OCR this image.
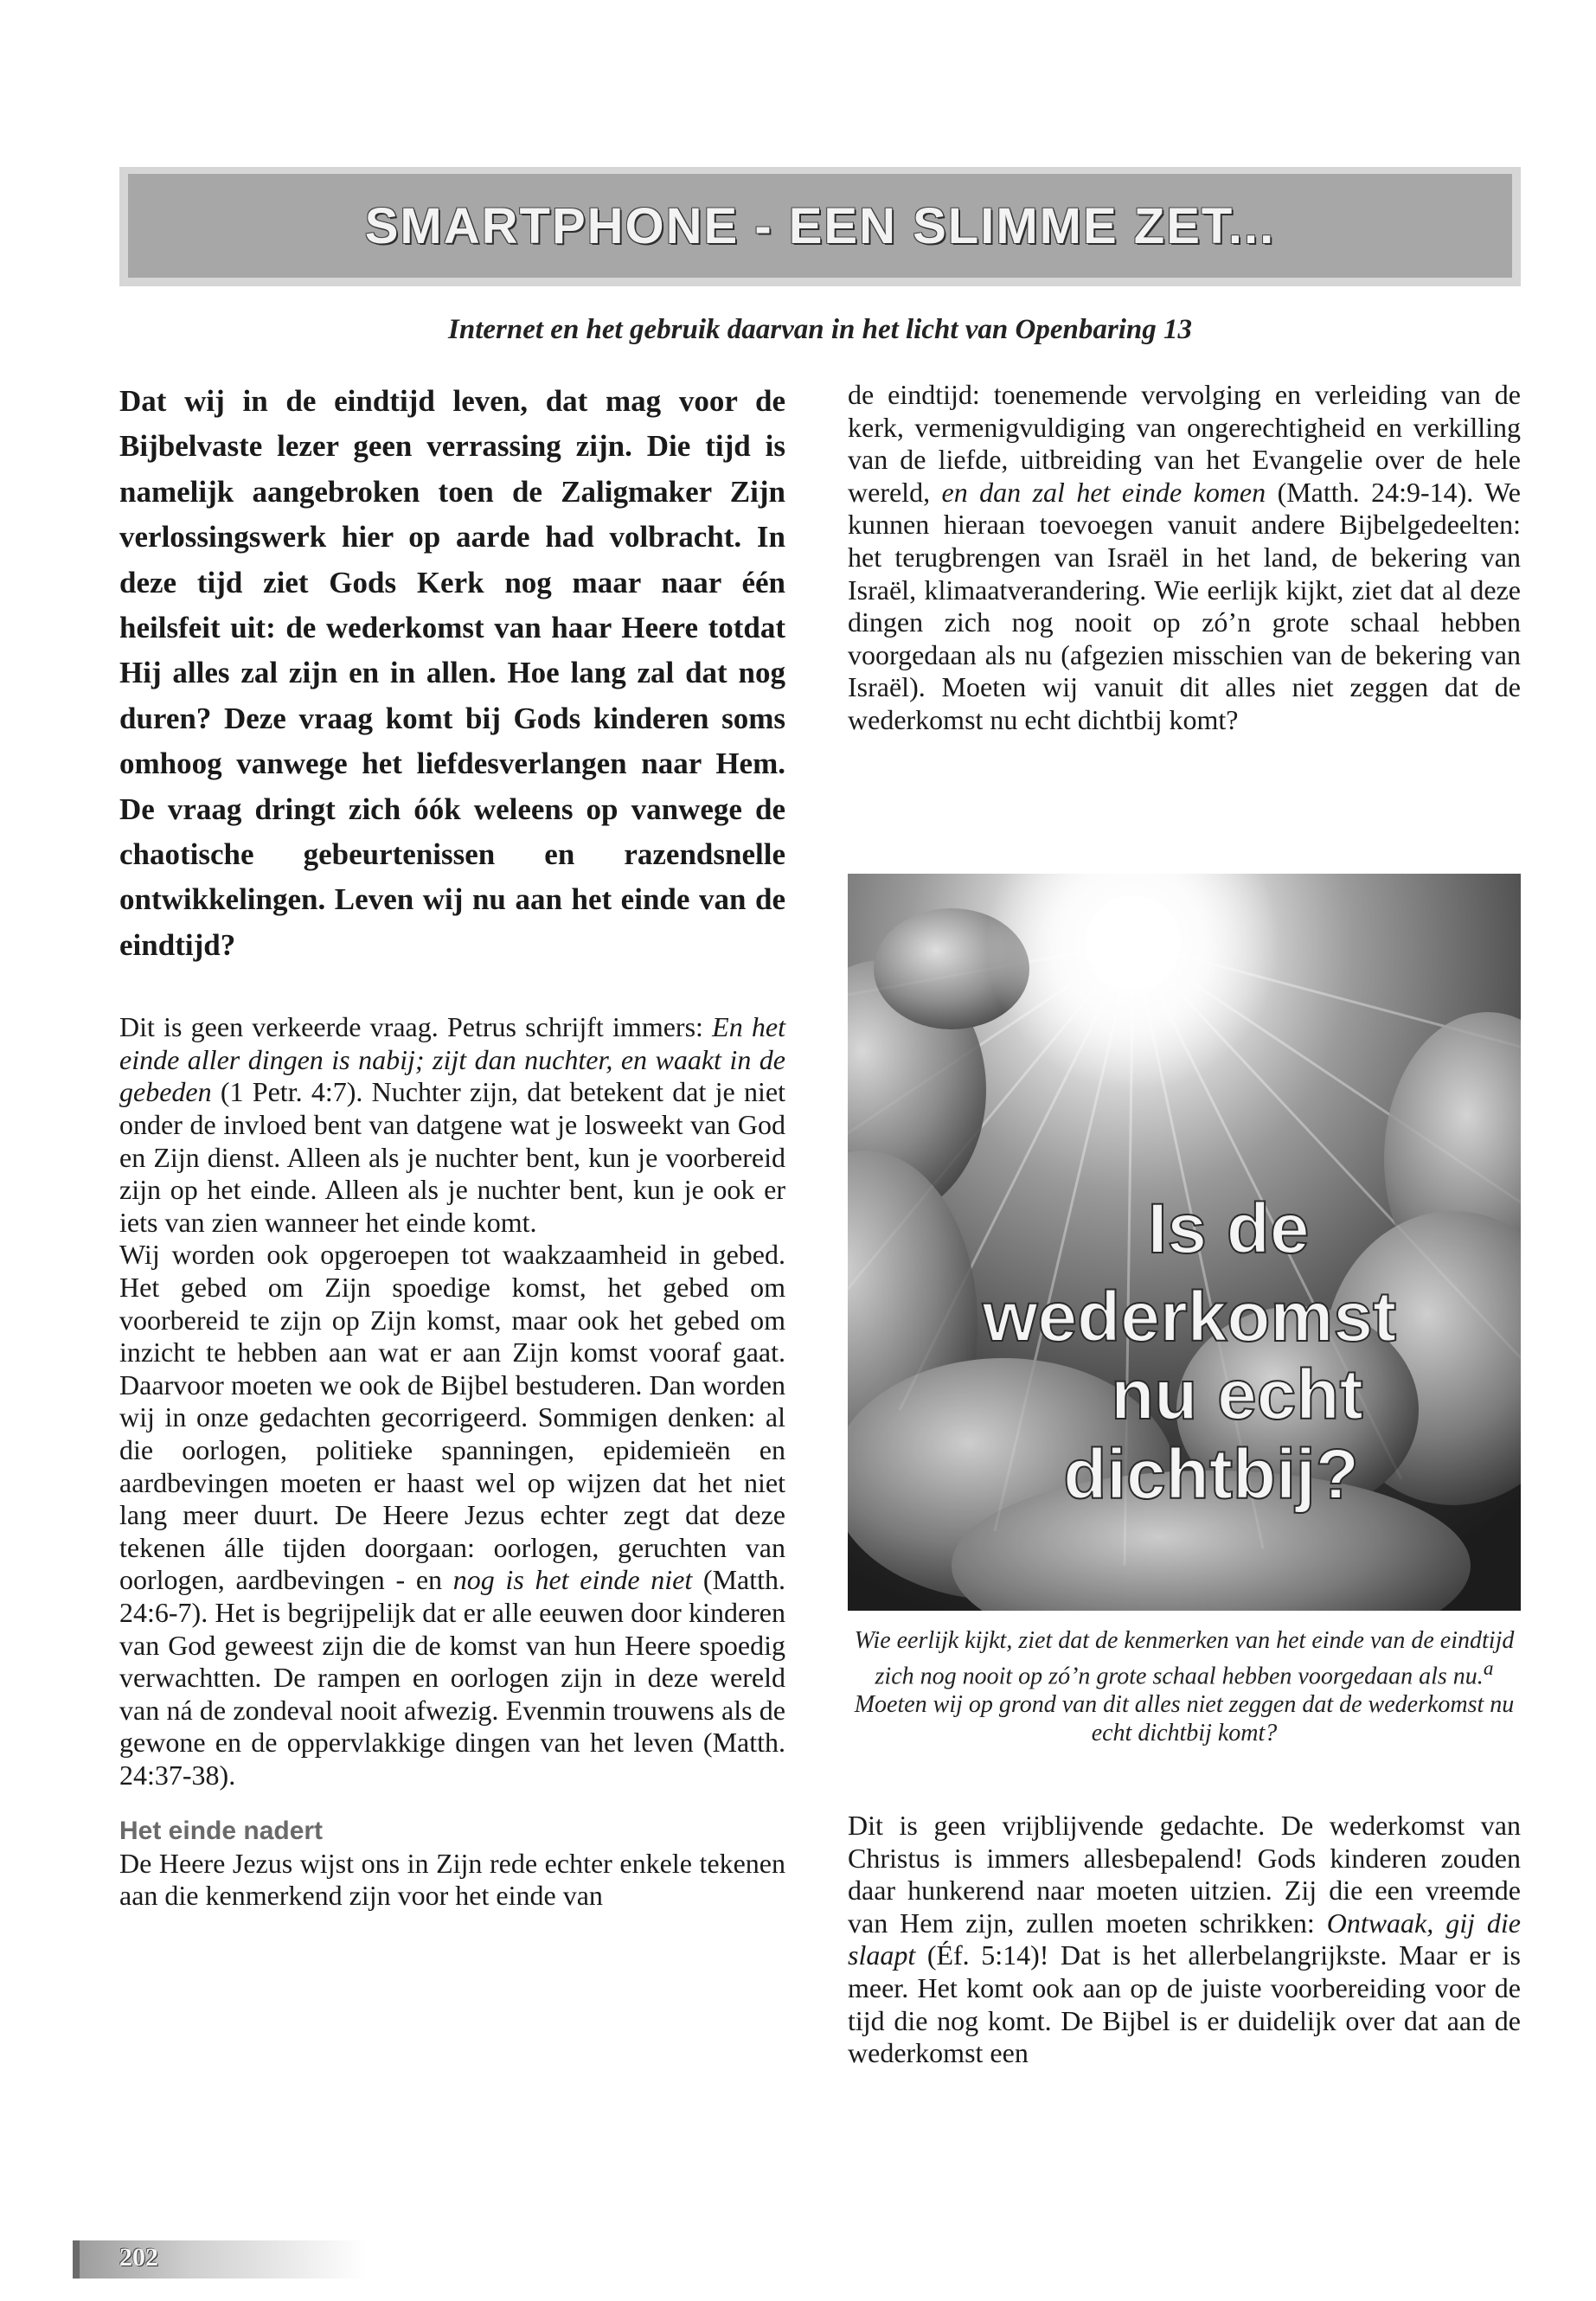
SMARTPHONE - EEN SLIMME ZET...
Internet en het gebruik daarvan in het licht van Openbaring 13

Dat wij in de eindtijd leven, dat mag voor de Bijbelvaste lezer geen verrassing zijn. Die tijd is namelijk aangebroken toen de Zaligmaker Zijn verlossingswerk hier op aarde had volbracht. In deze tijd ziet Gods Kerk nog maar naar één heilsfeit uit: de wederkomst van haar Heere totdat Hij alles zal zijn en in allen. Hoe lang zal dat nog duren? Deze vraag komt bij Gods kinderen soms omhoog vanwege het liefdesverlangen naar Hem. De vraag dringt zich óók weleens op vanwege de chaotische gebeurtenissen en razendsnelle ontwikkelingen. Leven wij nu aan het einde van de eindtijd?

Dit is geen verkeerde vraag. Petrus schrijft immers: En het einde aller dingen is nabij; zijt dan nuchter, en waakt in de gebeden (1 Petr. 4:7). Nuchter zijn, dat betekent dat je niet onder de invloed bent van datgene wat je losweekt van God en Zijn dienst. Alleen als je nuchter bent, kun je voorbereid zijn op het einde. Alleen als je nuchter bent, kun je ook er iets van zien wanneer het einde komt.

Wij worden ook opgeroepen tot waakzaamheid in gebed. Het gebed om Zijn spoedige komst, het gebed om voorbereid te zijn op Zijn komst, maar ook het gebed om inzicht te hebben aan wat er aan Zijn komst vooraf gaat. Daarvoor moeten we ook de Bijbel bestuderen. Dan worden wij in onze gedachten gecorrigeerd. Sommigen denken: al die oorlogen, politieke spanningen, epidemieën en aardbevingen moeten er haast wel op wijzen dat het niet lang meer duurt. De Heere Jezus echter zegt dat deze tekenen álle tijden doorgaan: oorlogen, geruchten van oorlogen, aardbevingen - en nog is het einde niet (Matth. 24:6-7). Het is begrijpelijk dat er alle eeuwen door kinderen van God geweest zijn die de komst van hun Heere spoedig verwachtten. De rampen en oorlogen zijn in deze wereld van ná de zondeval nooit afwezig. Evenmin trouwens als de gewone en de oppervlakkige dingen van het leven (Matth. 24:37-38).

Het einde nadert

De Heere Jezus wijst ons in Zijn rede echter enkele tekenen aan die kenmerkend zijn voor het einde van

de eindtijd: toenemende vervolging en verleiding van de kerk, vermenigvuldiging van ongerechtigheid en verkilling van de liefde, uitbreiding van het Evangelie over de hele wereld, en dan zal het einde komen (Matth. 24:9-14). We kunnen hieraan toevoegen vanuit andere Bijbelgedeelten: het terugbrengen van Israël in het land, de bekering van Israël, klimaatverandering. Wie eerlijk kijkt, ziet dat al deze dingen zich nog nooit op zó’n grote schaal hebben voorgedaan als nu (afgezien misschien van de bekering van Israël). Moeten wij vanuit dit alles niet zeggen dat de wederkomst nu echt dichtbij komt?

Is de
wederkomst
nu echt
dichtbij?

Wie eerlijk kijkt, ziet dat de kenmerken van het einde van de eindtijd zich nog nooit op zó’n grote schaal hebben voorgedaan als nu.$^a$ Moeten wij op grond van dit alles niet zeggen dat de wederkomst nu echt dichtbij komt?

Dit is geen vrijblijvende gedachte. De wederkomst van Christus is immers allesbepalend! Gods kinderen zouden daar hunkerend naar moeten uitzien. Zij die een vreemde van Hem zijn, zullen moeten schrikken: Ontwaak, gij die slaapt (Éf. 5:14)! Dat is het allerbelangrijkste. Maar er is meer. Het komt ook aan op de juiste voorbereiding voor de tijd die nog komt. De Bijbel is er duidelijk over dat aan de wederkomst een

202
